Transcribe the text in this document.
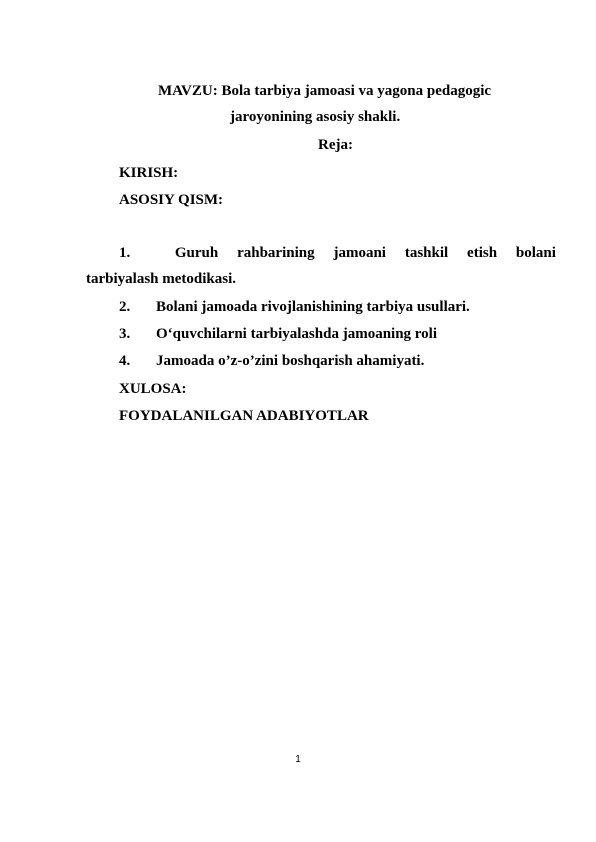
MAVZU: Bola tarbiya jamoasi va yagona pedagogic
jaroyonining asosiy shakli.
Reja:
KIRISH:
ASOSIY QISM:
1.	Guruh rahbarining jamoani tashkil etish bolani
tarbiyalash metodikasi.
2. Bolani jamoada rivojlanishining tarbiya usullari.
3. O‘quvchilarni tarbiyalashda jamoaning roli
4. Jamoada o’z-o’zini boshqarish ahamiyati.
XULOSA:
FOYDALANILGAN ADABIYOTLAR
1
